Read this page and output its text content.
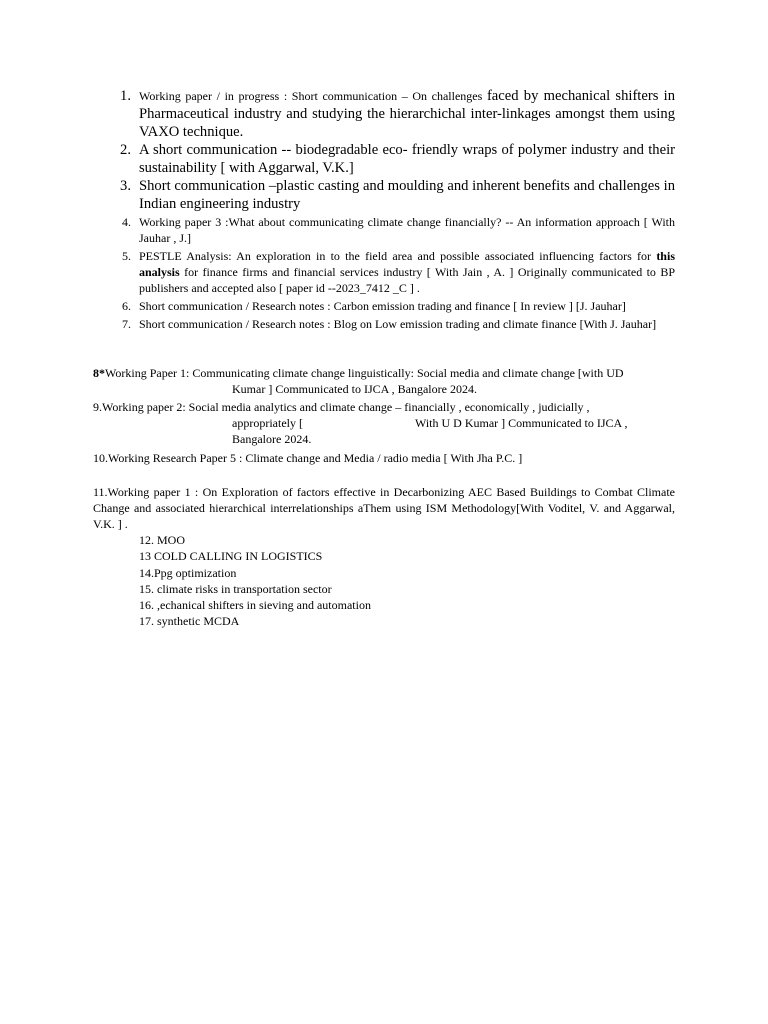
1. Working paper / in progress : Short communication – On challenges faced by mechanical shifters in Pharmaceutical industry and studying the hierarchichal inter-linkages amongst them using VAXO technique.
2. A short communication -- biodegradable eco- friendly wraps of polymer industry and their sustainability [ with Aggarwal, V.K.]
3. Short communication –plastic casting and moulding and inherent benefits and challenges in Indian engineering industry
4. Working paper 3 :What about communicating climate change financially? -- An information approach [ With Jauhar , J.]
5. PESTLE Analysis: An exploration in to the field area and possible associated influencing factors for this analysis for finance firms and financial services industry [ With Jain , A. ] Originally communicated to BP publishers and accepted also [ paper id --2023_7412 _C ] .
6. Short communication / Research notes : Carbon emission trading and finance [ In review ] [J. Jauhar]
7. Short communication / Research notes : Blog on Low emission trading and climate finance [With J. Jauhar]
8*Working Paper 1: Communicating climate change linguistically: Social media and climate change [with UD
Kumar ] Communicated to IJCA , Bangalore 2024.
9.Working paper 2: Social media analytics and climate change – financially , economically , judicially ,
appropriately [	With U D Kumar ] Communicated to IJCA ,
Bangalore 2024.
10.Working Research Paper 5 : Climate change and Media / radio media [ With Jha P.C. ]
11.Working paper 1 : On Exploration of factors effective in Decarbonizing AEC Based Buildings to Combat Climate Change and associated hierarchical interrelationships aThem using ISM Methodology[With Voditel, V. and Aggarwal, V.K. ] .
12. MOO
13 COLD CALLING IN LOGISTICS
14.Ppg optimization
15. climate risks in transportation sector
16. ,echanical shifters in sieving and automation
17. synthetic MCDA
